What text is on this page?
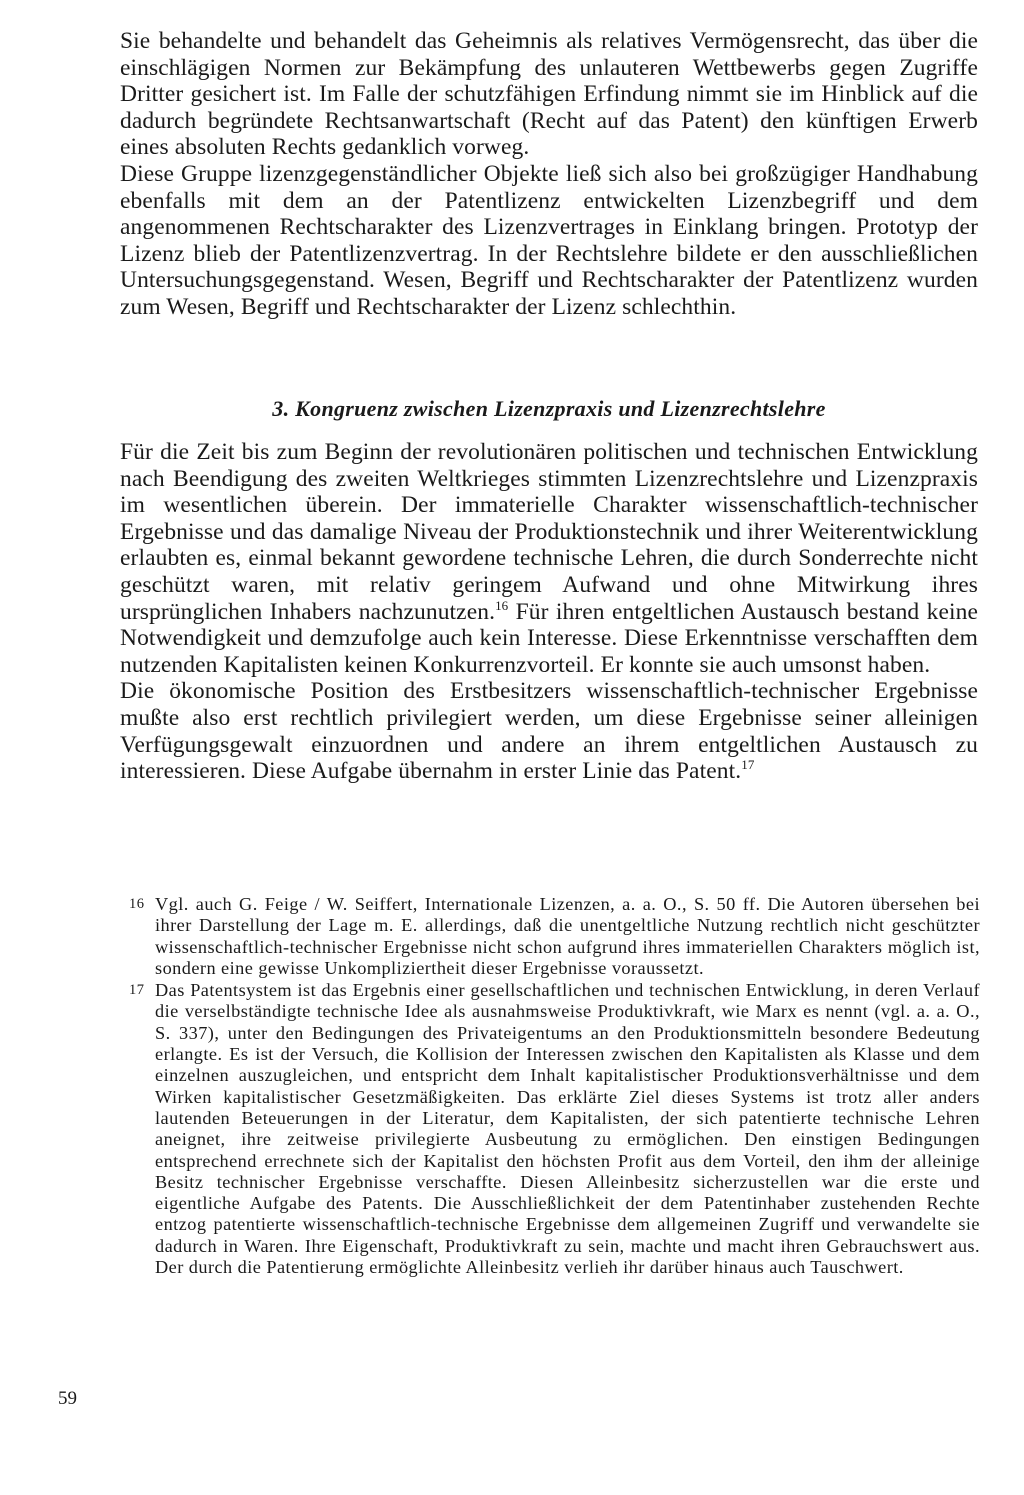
Sie behandelte und behandelt das Geheimnis als relatives Vermögensrecht, das über die einschlägigen Normen zur Bekämpfung des unlauteren Wettbewerbs gegen Zugriffe Dritter gesichert ist. Im Falle der schutzfähigen Erfindung nimmt sie im Hinblick auf die dadurch begründete Rechtsanwartschaft (Recht auf das Patent) den künftigen Erwerb eines absoluten Rechts gedanklich vorweg.

Diese Gruppe lizenzgegenständlicher Objekte ließ sich also bei großzügiger Handhabung ebenfalls mit dem an der Patentlizenz entwickelten Lizenzbegriff und dem angenommenen Rechtscharakter des Lizenzvertrages in Einklang bringen. Prototyp der Lizenz blieb der Patentlizenzvertrag. In der Rechtslehre bildete er den ausschließlichen Untersuchungsgegenstand. Wesen, Begriff und Rechtscharakter der Patentlizenz wurden zum Wesen, Begriff und Rechtscharakter der Lizenz schlechthin.

3. Kongruenz zwischen Lizenzpraxis und Lizenzrechtslehre

Für die Zeit bis zum Beginn der revolutionären politischen und technischen Entwicklung nach Beendigung des zweiten Weltkrieges stimmten Lizenzrechtslehre und Lizenzpraxis im wesentlichen überein. Der immaterielle Charakter wissenschaftlich-technischer Ergebnisse und das damalige Niveau der Produktionstechnik und ihrer Weiterentwicklung erlaubten es, einmal bekannt gewordene technische Lehren, die durch Sonderrechte nicht geschützt waren, mit relativ geringem Aufwand und ohne Mitwirkung ihres ursprünglichen Inhabers nachzunutzen.$^{16}$ Für ihren entgeltlichen Austausch bestand keine Notwendigkeit und demzufolge auch kein Interesse. Diese Erkenntnisse verschafften dem nutzenden Kapitalisten keinen Konkurrenzvorteil. Er konnte sie auch umsonst haben.

Die ökonomische Position des Erstbesitzers wissenschaftlich-technischer Ergebnisse mußte also erst rechtlich privilegiert werden, um diese Ergebnisse seiner alleinigen Verfügungsgewalt einzuordnen und andere an ihrem entgeltlichen Austausch zu interessieren. Diese Aufgabe übernahm in erster Linie das Patent.$^{17}$

16 Vgl. auch G. Feige / W. Seiffert, Internationale Lizenzen, a. a. O., S. 50 ff. Die Autoren übersehen bei ihrer Darstellung der Lage m. E. allerdings, daß die unentgeltliche Nutzung rechtlich nicht geschützter wissenschaftlich-technischer Ergebnisse nicht schon aufgrund ihres immateriellen Charakters möglich ist, sondern eine gewisse Unkompliziertheit dieser Ergebnisse voraussetzt.

17 Das Patentsystem ist das Ergebnis einer gesellschaftlichen und technischen Entwicklung, in deren Verlauf die verselbständigte technische Idee als ausnahmsweise Produktivkraft, wie Marx es nennt (vgl. a. a. O., S. 337), unter den Bedingungen des Privateigentums an den Produktionsmitteln besondere Bedeutung erlangte. Es ist der Versuch, die Kollision der Interessen zwischen den Kapitalisten als Klasse und dem einzelnen auszugleichen, und entspricht dem Inhalt kapitalistischer Produktionsverhältnisse und dem Wirken kapitalistischer Gesetzmäßigkeiten. Das erklärte Ziel dieses Systems ist trotz aller anders lautenden Beteuerungen in der Literatur, dem Kapitalisten, der sich patentierte technische Lehren aneignet, ihre zeitweise privilegierte Ausbeutung zu ermöglichen. Den einstigen Bedingungen entsprechend errechnete sich der Kapitalist den höchsten Profit aus dem Vorteil, den ihm der alleinige Besitz technischer Ergebnisse verschaffte. Diesen Alleinbesitz sicherzustellen war die erste und eigentliche Aufgabe des Patents. Die Ausschließlichkeit der dem Patentinhaber zustehenden Rechte entzog patentierte wissenschaftlich-technische Ergebnisse dem allgemeinen Zugriff und verwandelte sie dadurch in Waren. Ihre Eigenschaft, Produktivkraft zu sein, machte und macht ihren Gebrauchswert aus. Der durch die Patentierung ermöglichte Alleinbesitz verlieh ihr darüber hinaus auch Tauschwert.

59
